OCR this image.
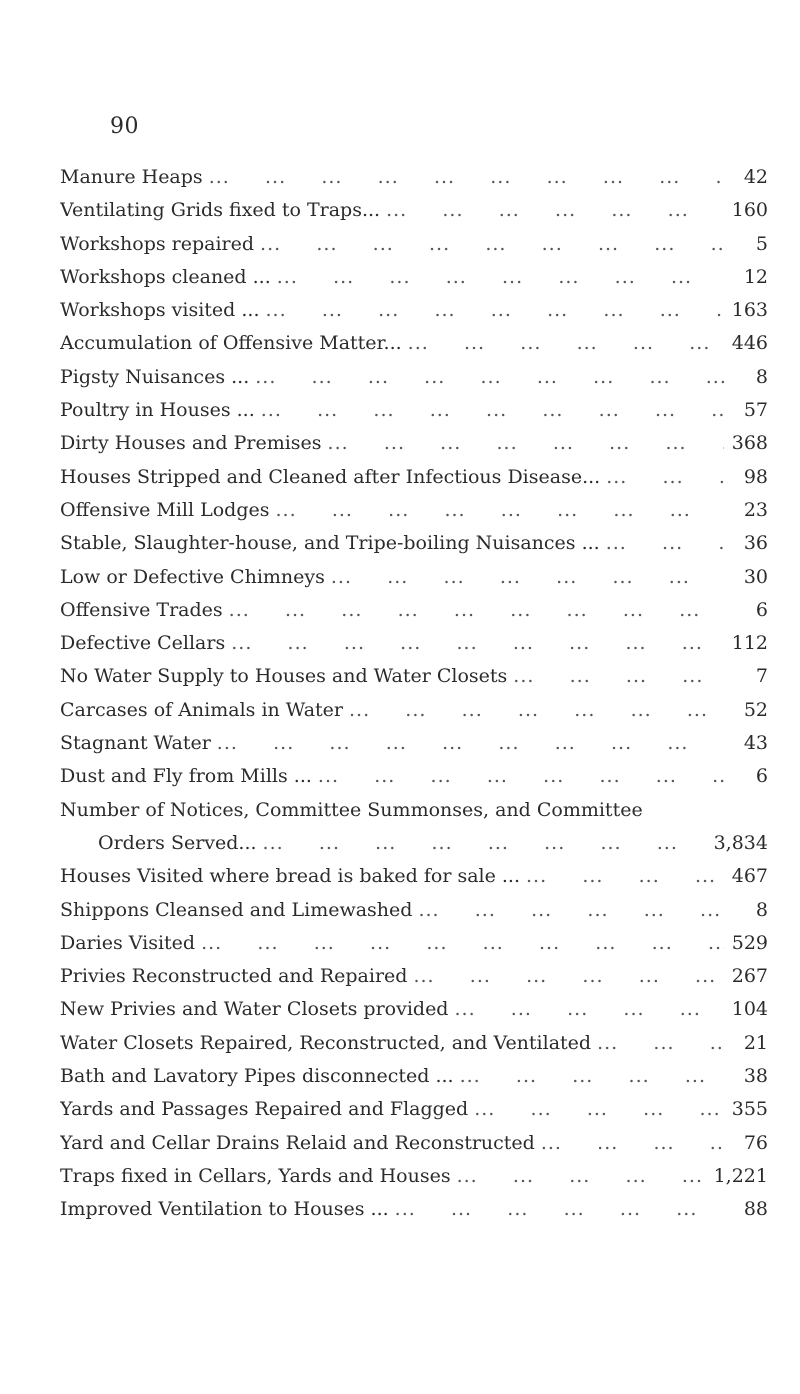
90
Manure Heaps ...	42
Ventilating Grids fixed to Traps... ...	160
Workshops repaired ...	5
Workshops cleaned ... ...	12
Workshops visited ... ...	163
Accumulation of Offensive Matter... ...	446
Pigsty Nuisances ... ...	8
Poultry in Houses ... ...	57
Dirty Houses and Premises ...	368
Houses Stripped and Cleaned after Infectious Disease... ...	98
Offensive Mill Lodges ...	23
Stable, Slaughter-house, and Tripe-boiling Nuisances ... ...	36
Low or Defective Chimneys ...	30
Offensive Trades ...	6
Defective Cellars ...	112
No Water Supply to Houses and Water Closets ...	7
Carcases of Animals in Water ...	52
Stagnant Water ...	43
Dust and Fly from Mills ... ...	6
Number of Notices, Committee Summonses, and Committee
Orders Served... ...	3,834
Houses Visited where bread is baked for sale ... ...	467
Shippons Cleansed and Limewashed ...	8
Daries Visited ...	529
Privies Reconstructed and Repaired ...	267
New Privies and Water Closets provided ...	104
Water Closets Repaired, Reconstructed, and Ventilated ...	21
Bath and Lavatory Pipes disconnected ... ...	38
Yards and Passages Repaired and Flagged ...	355
Yard and Cellar Drains Relaid and Reconstructed ...	76
Traps fixed in Cellars, Yards and Houses ...	1,221
Improved Ventilation to Houses ... ...	88
